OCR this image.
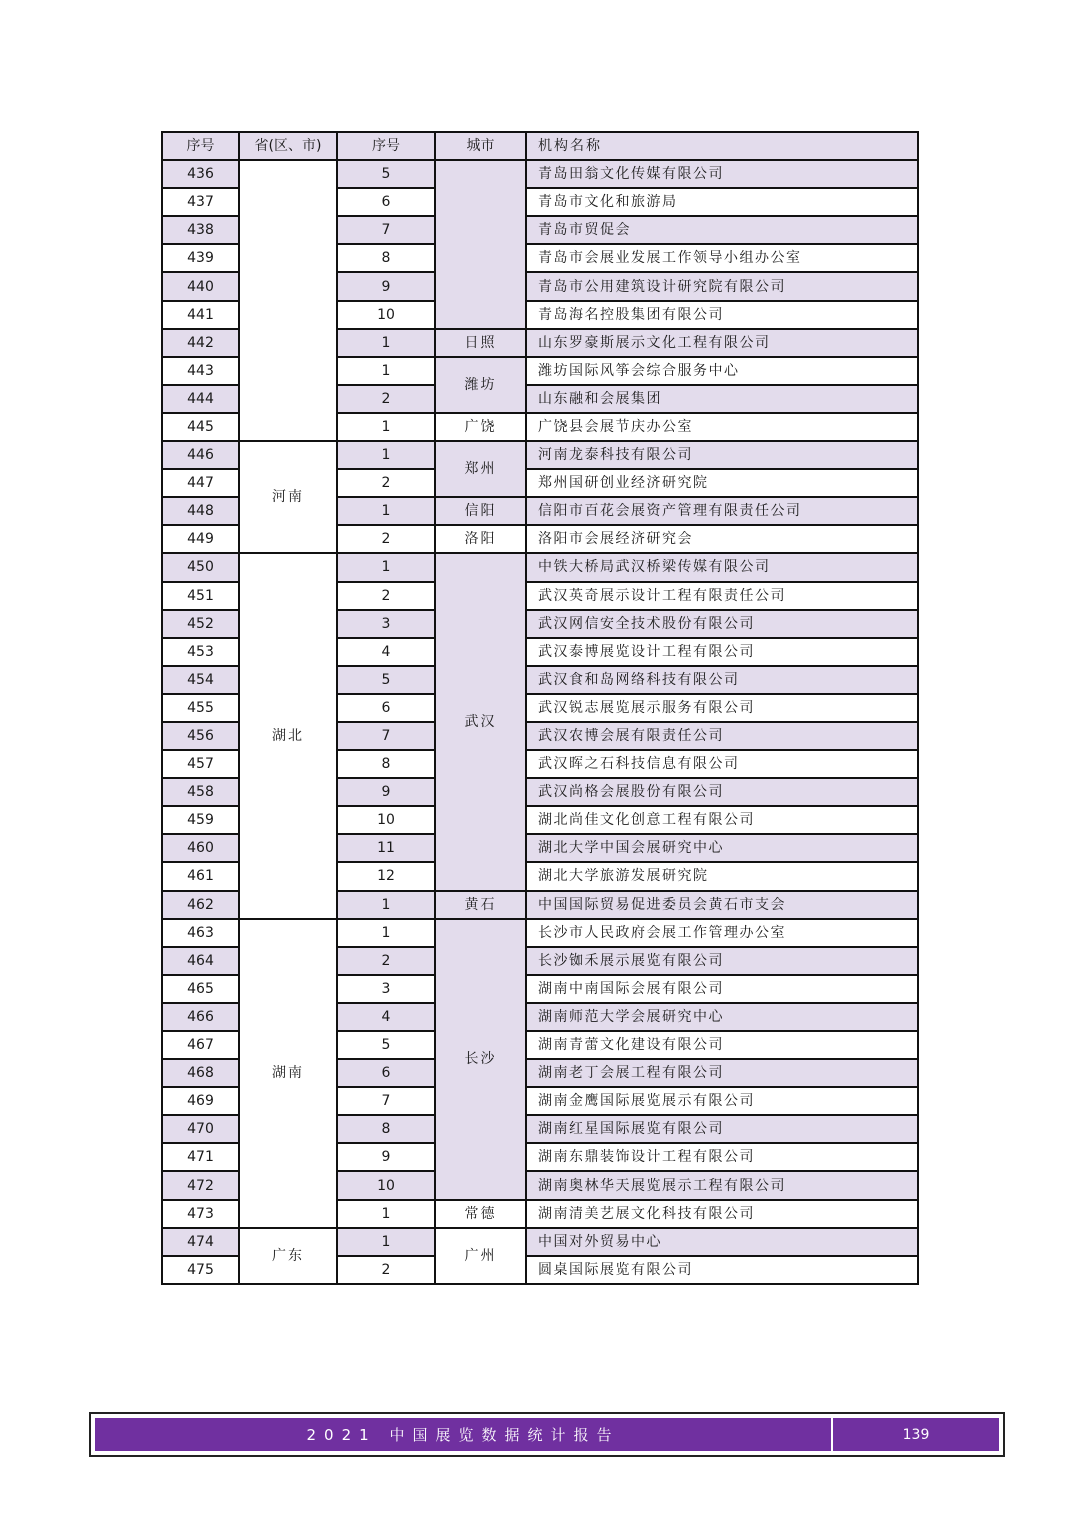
序号	省(区、市)	序号	城市	机构名称
436		5		青岛田翁文化传媒有限公司
437		6		青岛市文化和旅游局
438		7		青岛市贸促会
439		8		青岛市会展业发展工作领导小组办公室
440		9		青岛市公用建筑设计研究院有限公司
441		10		青岛海名控股集团有限公司
442		1	日照	山东罗豪斯展示文化工程有限公司
443		1	潍坊	潍坊国际风筝会综合服务中心
444		2		山东融和会展集团
445		1	广饶	广饶县会展节庆办公室
446	河南	1	郑州	河南龙泰科技有限公司
447		2		郑州国研创业经济研究院
448		1	信阳	信阳市百花会展资产管理有限责任公司
449		2	洛阳	洛阳市会展经济研究会
450	湖北	1	武汉	中铁大桥局武汉桥梁传媒有限公司
451		2		武汉英奇展示设计工程有限责任公司
452		3		武汉网信安全技术股份有限公司
453		4		武汉泰博展览设计工程有限公司
454		5		武汉食和岛网络科技有限公司
455		6		武汉锐志展览展示服务有限公司
456		7		武汉农博会展有限责任公司
457		8		武汉晖之石科技信息有限公司
458		9		武汉尚格会展股份有限公司
459		10		湖北尚佳文化创意工程有限公司
460		11		湖北大学中国会展研究中心
461		12		湖北大学旅游发展研究院
462		1	黄石	中国国际贸易促进委员会黄石市支会
463	湖南	1	长沙	长沙市人民政府会展工作管理办公室
464		2		长沙铷禾展示展览有限公司
465		3		湖南中南国际会展有限公司
466		4		湖南师范大学会展研究中心
467		5		湖南青蕾文化建设有限公司
468		6		湖南老丁会展工程有限公司
469		7		湖南金鹰国际展览展示有限公司
470		8		湖南红星国际展览有限公司
471		9		湖南东鼎装饰设计工程有限公司
472		10		湖南奥林华天展览展示工程有限公司
473		1	常德	湖南清美艺展文化科技有限公司
474	广东	1	广州	中国对外贸易中心
475		2		圆桌国际展览有限公司
2021 中国展览数据统计报告	139
